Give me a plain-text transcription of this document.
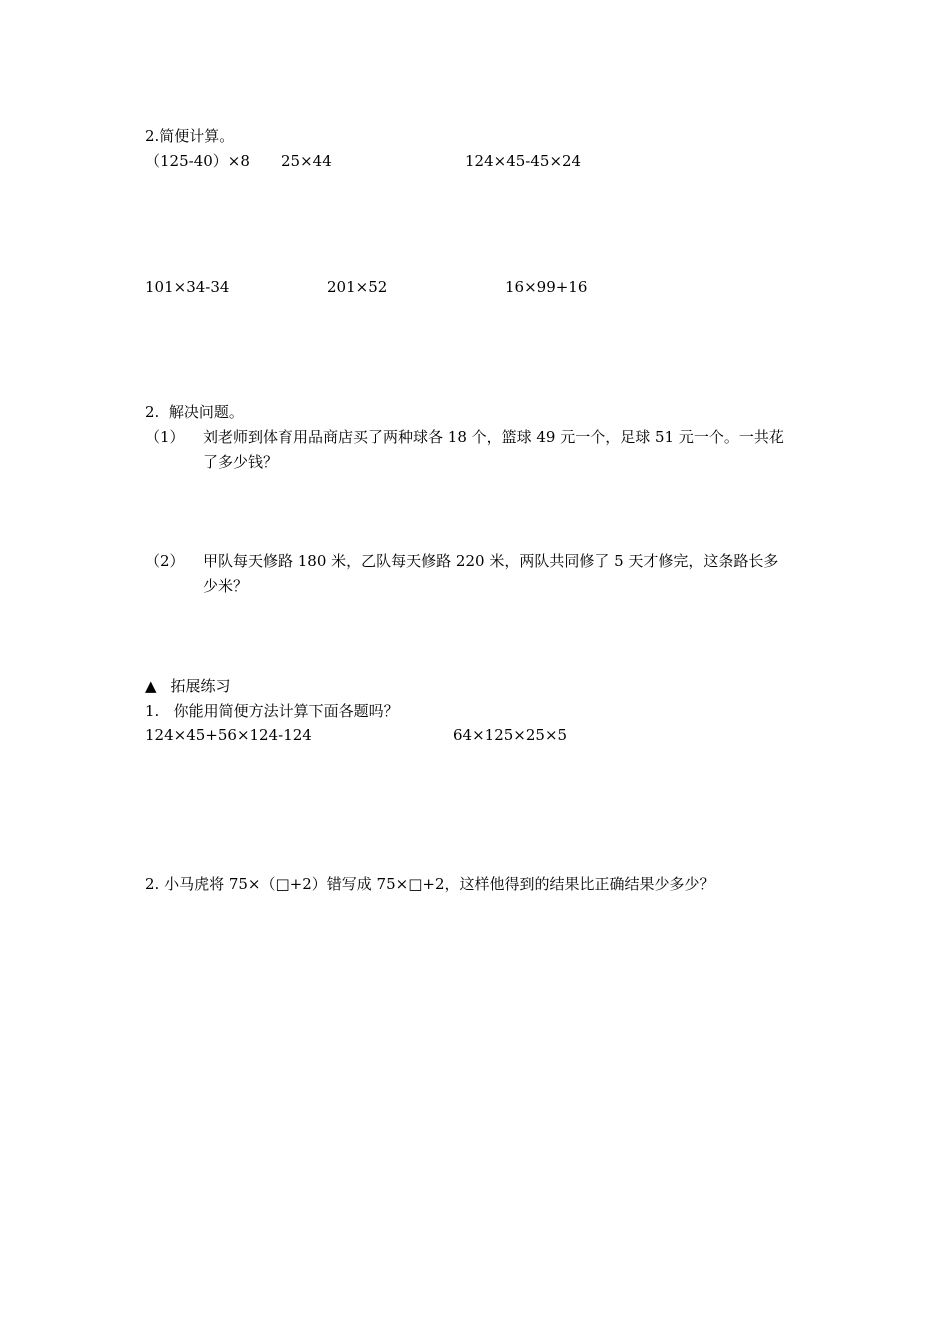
2.简便计算。
（125-40）×8 25×44	124×45-45×24
101×34-34	201×52	16×99+16
2.  解决问题。
（1） 刘老师到体育用品商店买了两种球各 18 个，篮球 49 元一个，足球 51 元一个。一共花
了多少钱？
（2） 甲队每天修路 180 米，乙队每天修路 220 米，两队共同修了 5 天才修完，这条路长多
少米？
▲ 拓展练习
1.   你能用简便方法计算下面各题吗？
124×45+56×124-124	64×125×25×5
2. 小马虎将 75×（□+2）错写成 75×□+2，这样他得到的结果比正确结果少多少？
